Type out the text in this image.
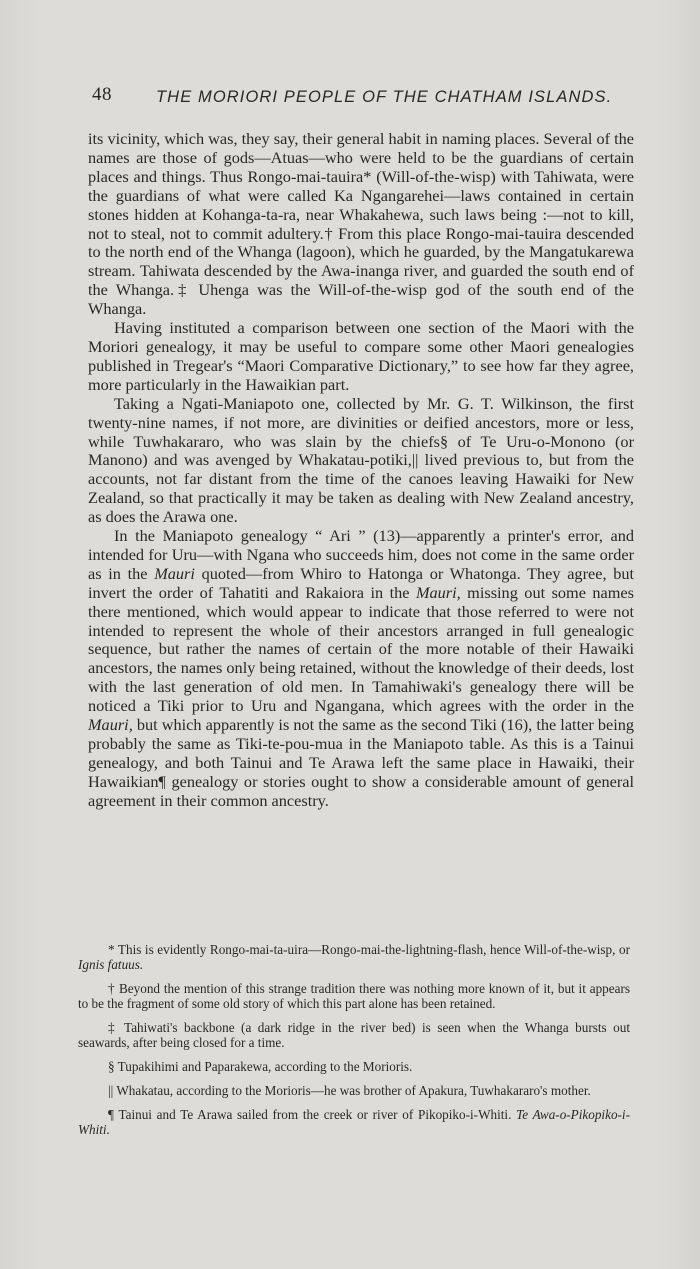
48	THE MORIORI PEOPLE OF THE CHATHAM ISLANDS.

its vicinity, which was, they say, their general habit in naming places. Several of the names are those of gods—Atuas—who were held to be the guardians of certain places and things. Thus Rongo-mai-tauira* (Will-of-the-wisp) with Tahiwata, were the guardians of what were called Ka Ngangarehei—laws contained in certain stones hidden at Kohanga-ta-ra, near Whakahewa, such laws being :—not to kill, not to steal, not to commit adultery.† From this place Rongo-mai-tauira descended to the north end of the Whanga (lagoon), which he guarded, by the Mangatukarewa stream. Tahiwata descended by the Awa-inanga river, and guarded the south end of the Whanga.‡ Uhenga was the Will-of-the-wisp god of the south end of the Whanga.

Having instituted a comparison between one section of the Maori with the Moriori genealogy, it may be useful to compare some other Maori genealogies published in Tregear's “Maori Comparative Dictionary,” to see how far they agree, more particularly in the Hawaikian part.

Taking a Ngati-Maniapoto one, collected by Mr. G. T. Wilkinson, the first twenty-nine names, if not more, are divinities or deified ancestors, more or less, while Tuwhakararo, who was slain by the chiefs§ of Te Uru-o-Monono (or Manono) and was avenged by Whakatau-potiki,|| lived previous to, but from the accounts, not far distant from the time of the canoes leaving Hawaiki for New Zealand, so that practically it may be taken as dealing with New Zealand ancestry, as does the Arawa one.

In the Maniapoto genealogy “ Ari ” (13)—apparently a printer's error, and intended for Uru—with Ngana who succeeds him, does not come in the same order as in the Mauri quoted—from Whiro to Hatonga or Whatonga. They agree, but invert the order of Tahatiti and Rakaiora in the Mauri, missing out some names there mentioned, which would appear to indicate that those referred to were not intended to represent the whole of their ancestors arranged in full genealogic sequence, but rather the names of certain of the more notable of their Hawaiki ancestors, the names only being retained, without the knowledge of their deeds, lost with the last generation of old men. In Tamahiwaki's genealogy there will be noticed a Tiki prior to Uru and Ngangana, which agrees with the order in the Mauri, but which apparently is not the same as the second Tiki (16), the latter being probably the same as Tiki-te-pou-mua in the Maniapoto table. As this is a Tainui genealogy, and both Tainui and Te Arawa left the same place in Hawaiki, their Hawaikian¶ genealogy or stories ought to show a considerable amount of general agreement in their common ancestry.

* This is evidently Rongo-mai-ta-uira—Rongo-mai-the-lightning-flash, hence Will-of-the-wisp, or Ignis fatuus.

† Beyond the mention of this strange tradition there was nothing more known of it, but it appears to be the fragment of some old story of which this part alone has been retained.

‡ Tahiwati's backbone (a dark ridge in the river bed) is seen when the Whanga bursts out seawards, after being closed for a time.

§ Tupakihimi and Paparakewa, according to the Morioris.

|| Whakatau, according to the Morioris—he was brother of Apakura, Tuwhakararo's mother.

¶ Tainui and Te Arawa sailed from the creek or river of Pikopiko-i-Whiti. Te Awa-o-Pikopiko-i-Whiti.
